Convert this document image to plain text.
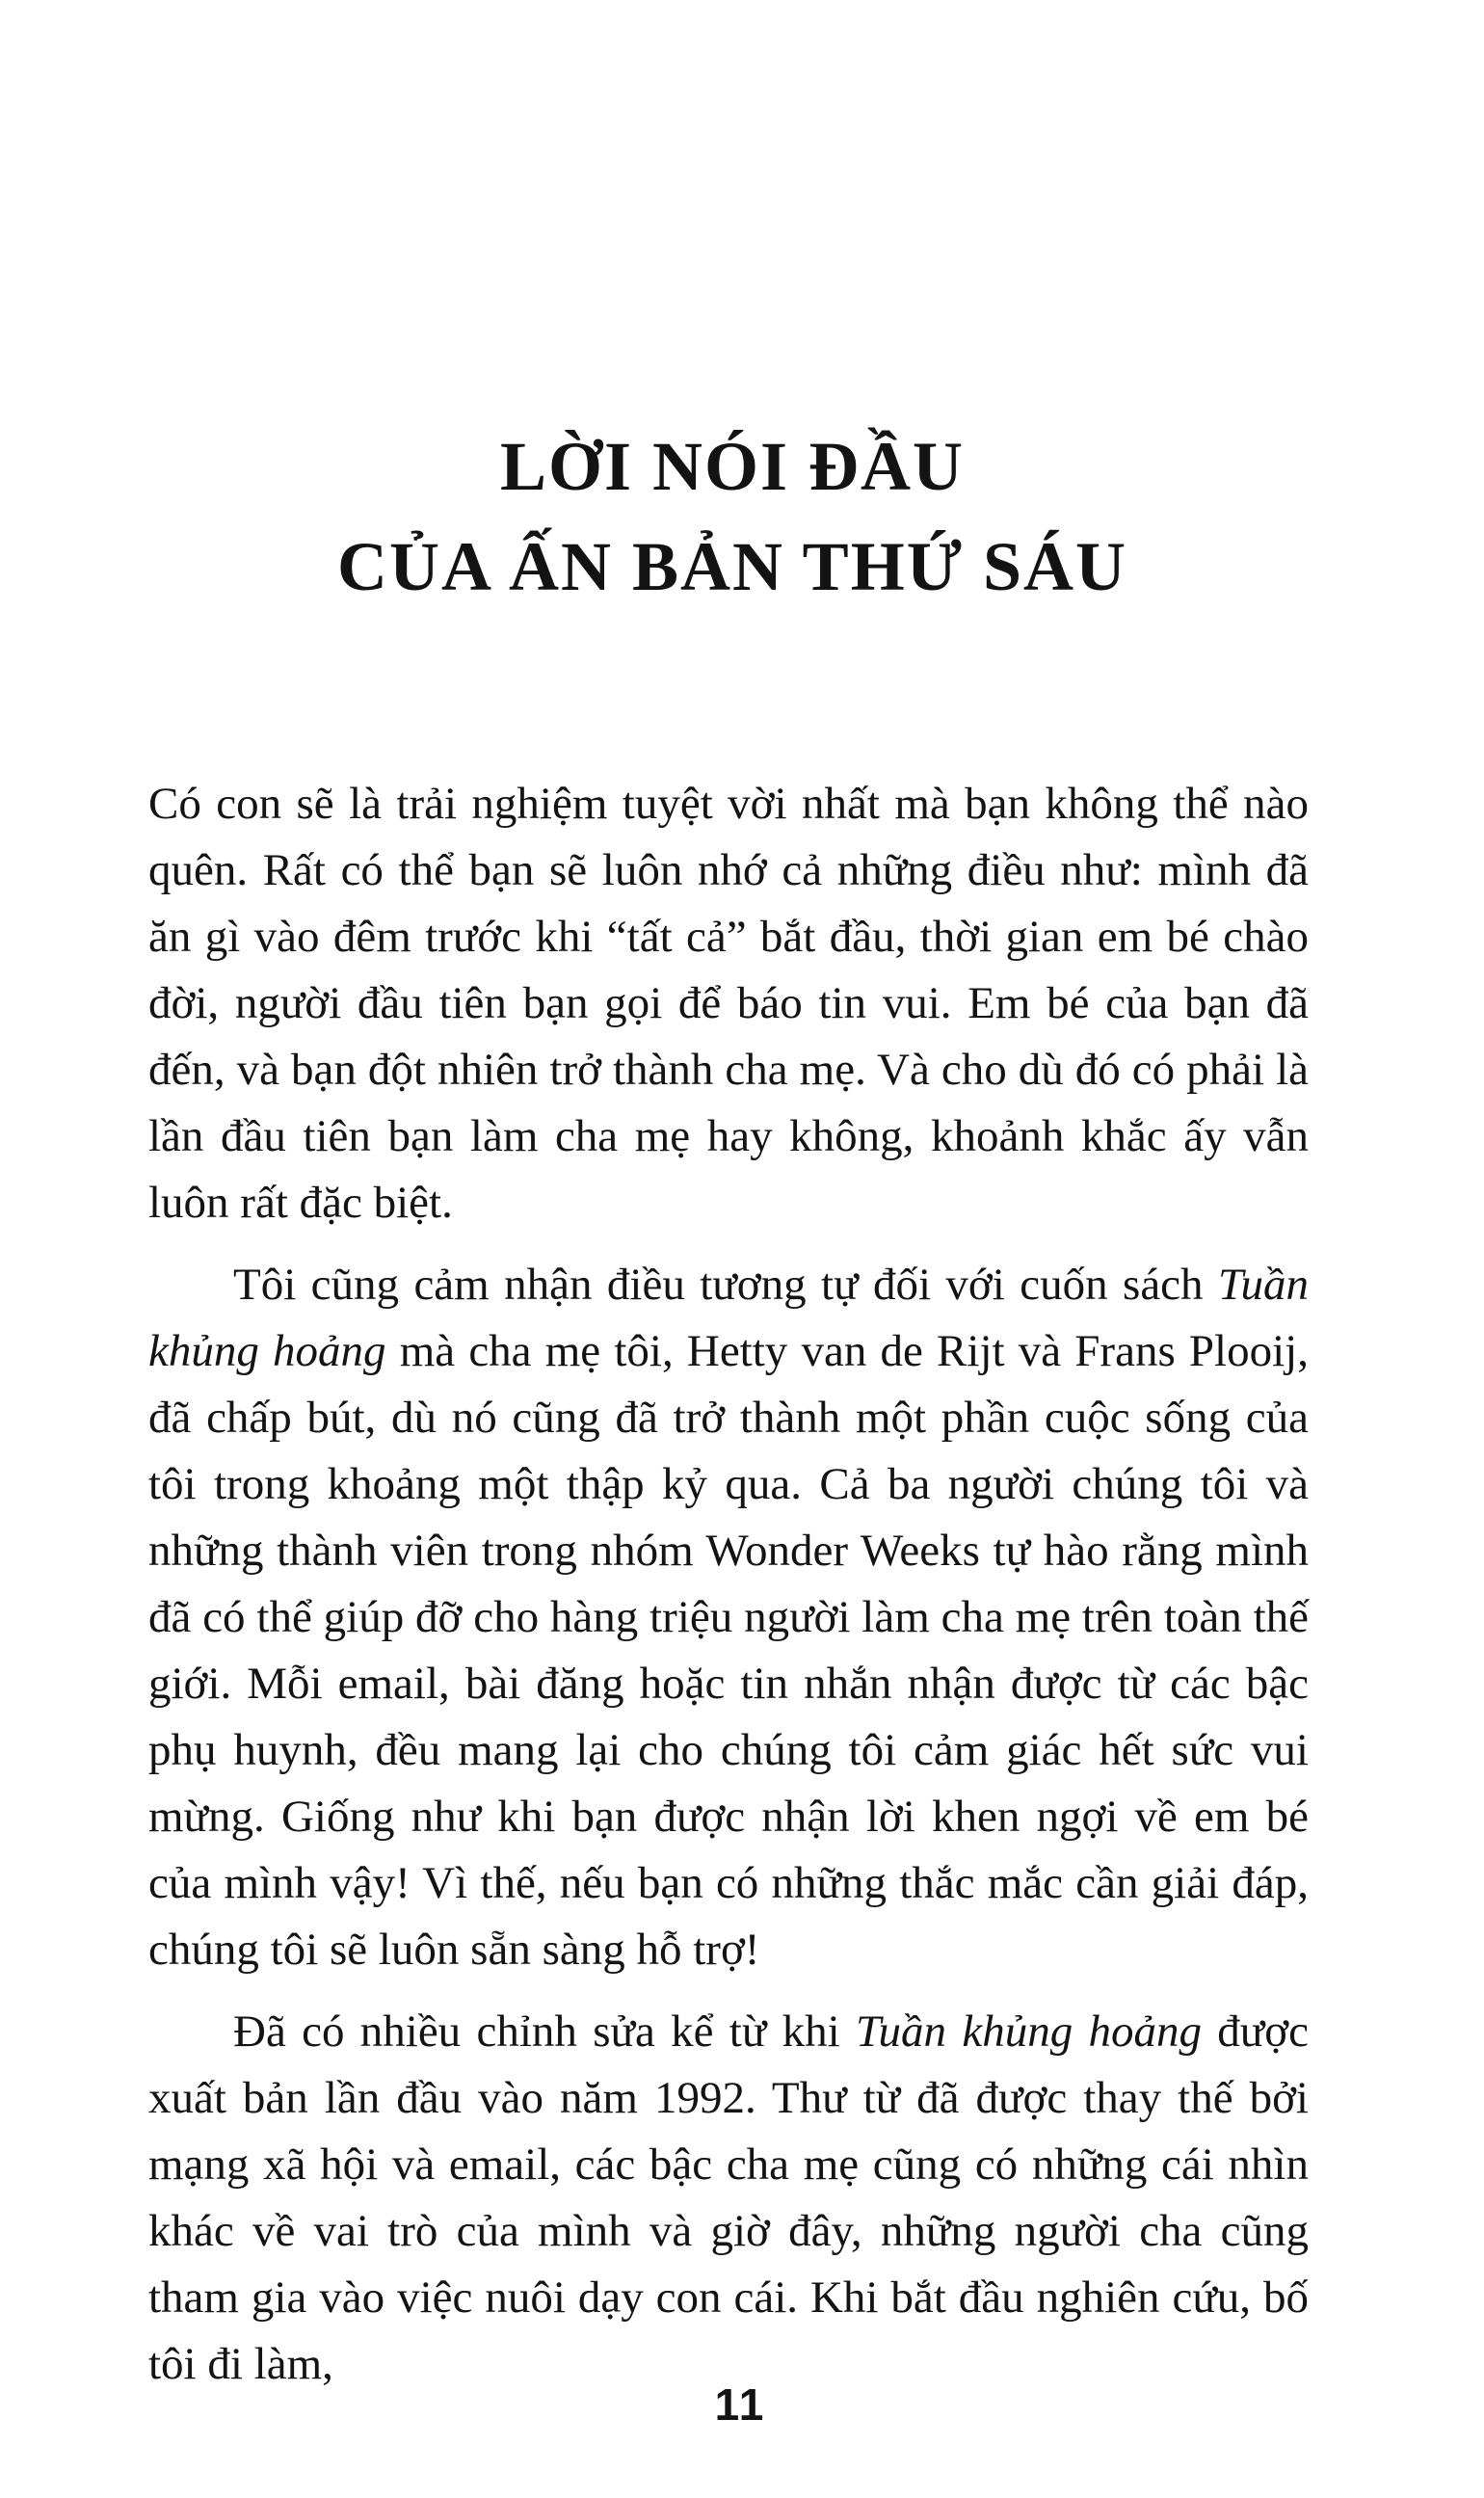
LỜI NÓI ĐẦU
CỦA ẤN BẢN THỨ SÁU

Có con sẽ là trải nghiệm tuyệt vời nhất mà bạn không thể nào quên. Rất có thể bạn sẽ luôn nhớ cả những điều như: mình đã ăn gì vào đêm trước khi “tất cả” bắt đầu, thời gian em bé chào đời, người đầu tiên bạn gọi để báo tin vui. Em bé của bạn đã đến, và bạn đột nhiên trở thành cha mẹ. Và cho dù đó có phải là lần đầu tiên bạn làm cha mẹ hay không, khoảnh khắc ấy vẫn luôn rất đặc biệt.

Tôi cũng cảm nhận điều tương tự đối với cuốn sách Tuần khủng hoảng mà cha mẹ tôi, Hetty van de Rijt và Frans Plooij, đã chấp bút, dù nó cũng đã trở thành một phần cuộc sống của tôi trong khoảng một thập kỷ qua. Cả ba người chúng tôi và những thành viên trong nhóm Wonder Weeks tự hào rằng mình đã có thể giúp đỡ cho hàng triệu người làm cha mẹ trên toàn thế giới. Mỗi email, bài đăng hoặc tin nhắn nhận được từ các bậc phụ huynh, đều mang lại cho chúng tôi cảm giác hết sức vui mừng. Giống như khi bạn được nhận lời khen ngợi về em bé của mình vậy! Vì thế, nếu bạn có những thắc mắc cần giải đáp, chúng tôi sẽ luôn sẵn sàng hỗ trợ!

Đã có nhiều chỉnh sửa kể từ khi Tuần khủng hoảng được xuất bản lần đầu vào năm 1992. Thư từ đã được thay thế bởi mạng xã hội và email, các bậc cha mẹ cũng có những cái nhìn khác về vai trò của mình và giờ đây, những người cha cũng tham gia vào việc nuôi dạy con cái. Khi bắt đầu nghiên cứu, bố tôi đi làm,

11
